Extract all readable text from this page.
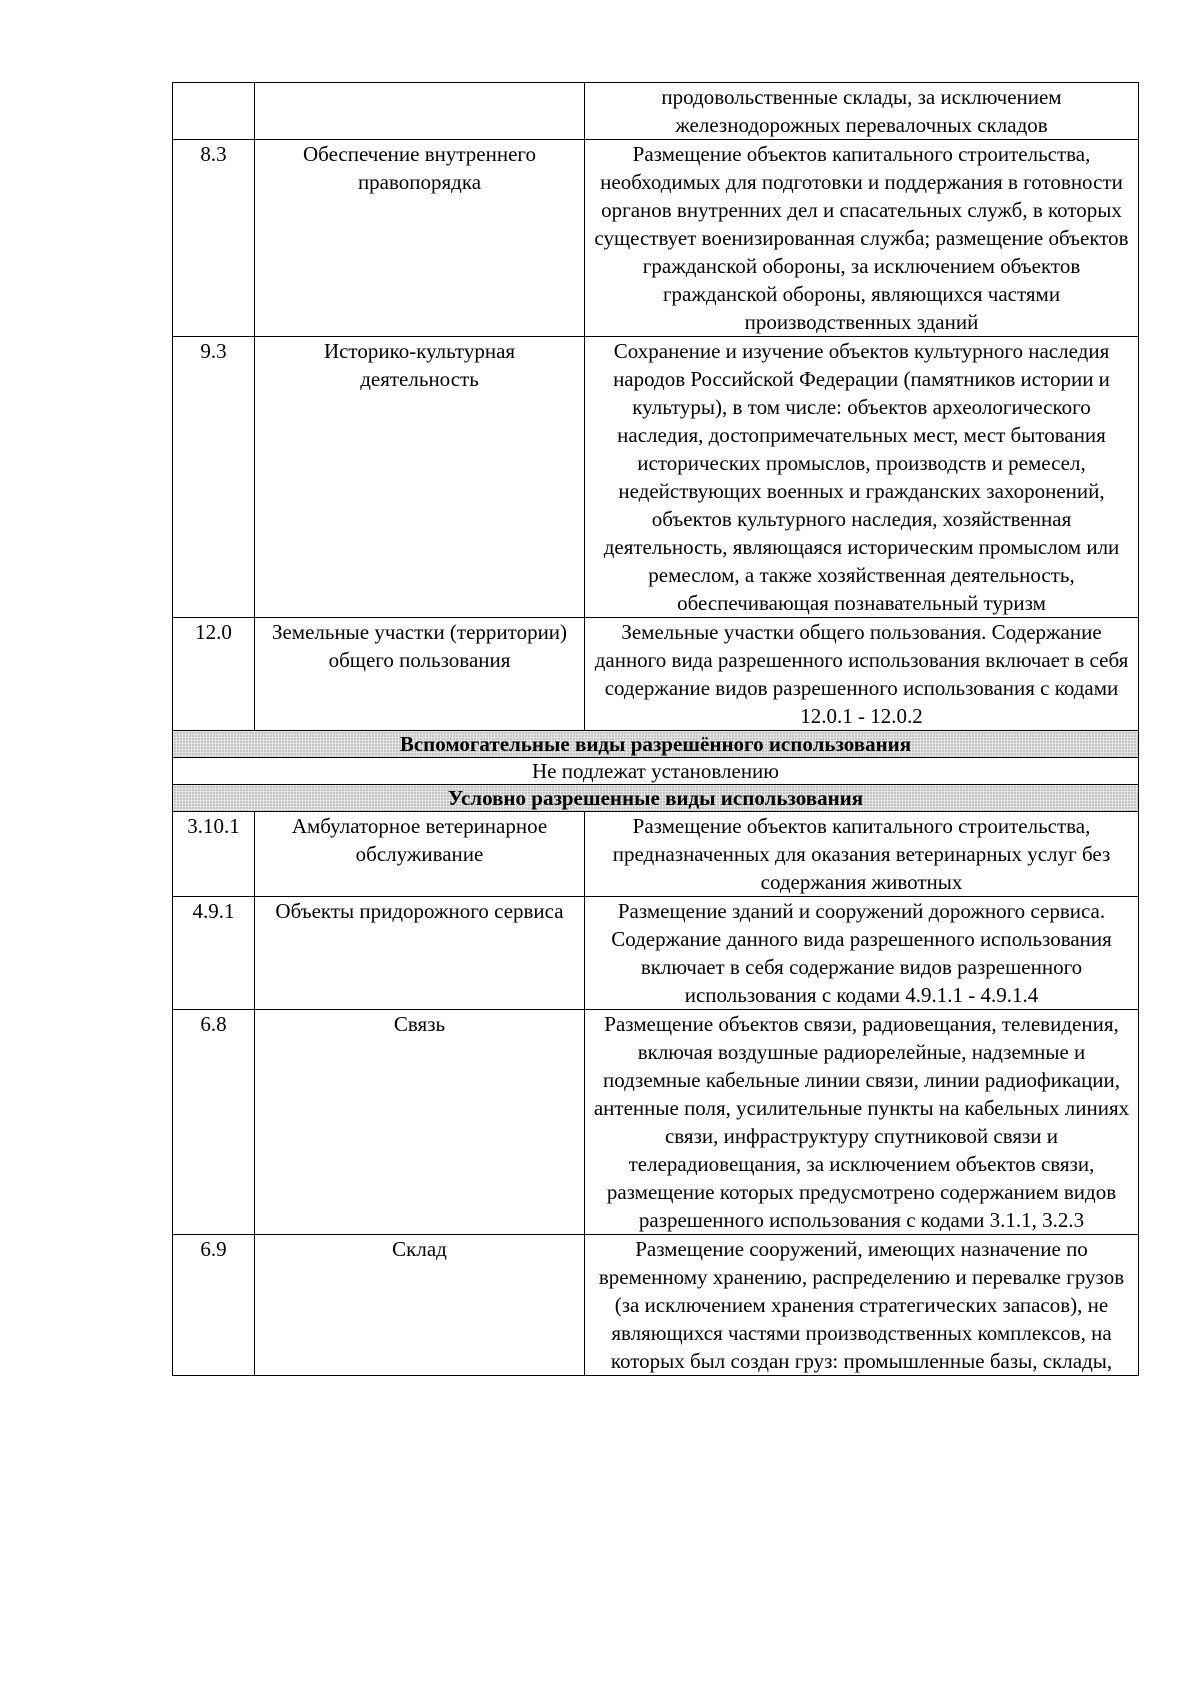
		продовольственные склады, за исключением железнодорожных перевалочных складов
8.3	Обеспечение внутреннего правопорядка	Размещение объектов капитального строительства, необходимых для подготовки и поддержания в готовности органов внутренних дел и спасательных служб, в которых существует военизированная служба; размещение объектов гражданской обороны, за исключением объектов гражданской обороны, являющихся частями производственных зданий
9.3	Историко-культурная деятельность	Сохранение и изучение объектов культурного наследия народов Российской Федерации (памятников истории и культуры), в том числе: объектов археологического наследия, достопримечательных мест, мест бытования исторических промыслов, производств и ремесел, недействующих военных и гражданских захоронений, объектов культурного наследия, хозяйственная деятельность, являющаяся историческим промыслом или ремеслом, а также хозяйственная деятельность, обеспечивающая познавательный туризм
12.0	Земельные участки (территории) общего пользования	Земельные участки общего пользования. Содержание данного вида разрешенного использования включает в себя содержание видов разрешенного использования с кодами 12.0.1 - 12.0.2
Вспомогательные виды разрешённого использования		
Не подлежат установлению		
Условно разрешенные виды использования		
3.10.1	Амбулаторное ветеринарное обслуживание	Размещение объектов капитального строительства, предназначенных для оказания ветеринарных услуг без содержания животных
4.9.1	Объекты придорожного сервиса	Размещение зданий и сооружений дорожного сервиса. Содержание данного вида разрешенного использования включает в себя содержание видов разрешенного использования с кодами 4.9.1.1 - 4.9.1.4
6.8	Связь	Размещение объектов связи, радиовещания, телевидения, включая воздушные радиорелейные, надземные и подземные кабельные линии связи, линии радиофикации, антенные поля, усилительные пункты на кабельных линиях связи, инфраструктуру спутниковой связи и телерадиовещания, за исключением объектов связи, размещение которых предусмотрено содержанием видов разрешенного использования с кодами 3.1.1, 3.2.3
6.9	Склад	Размещение сооружений, имеющих назначение по временному хранению, распределению и перевалке грузов (за исключением хранения стратегических запасов), не являющихся частями производственных комплексов, на которых был создан груз: промышленные базы, склады,
